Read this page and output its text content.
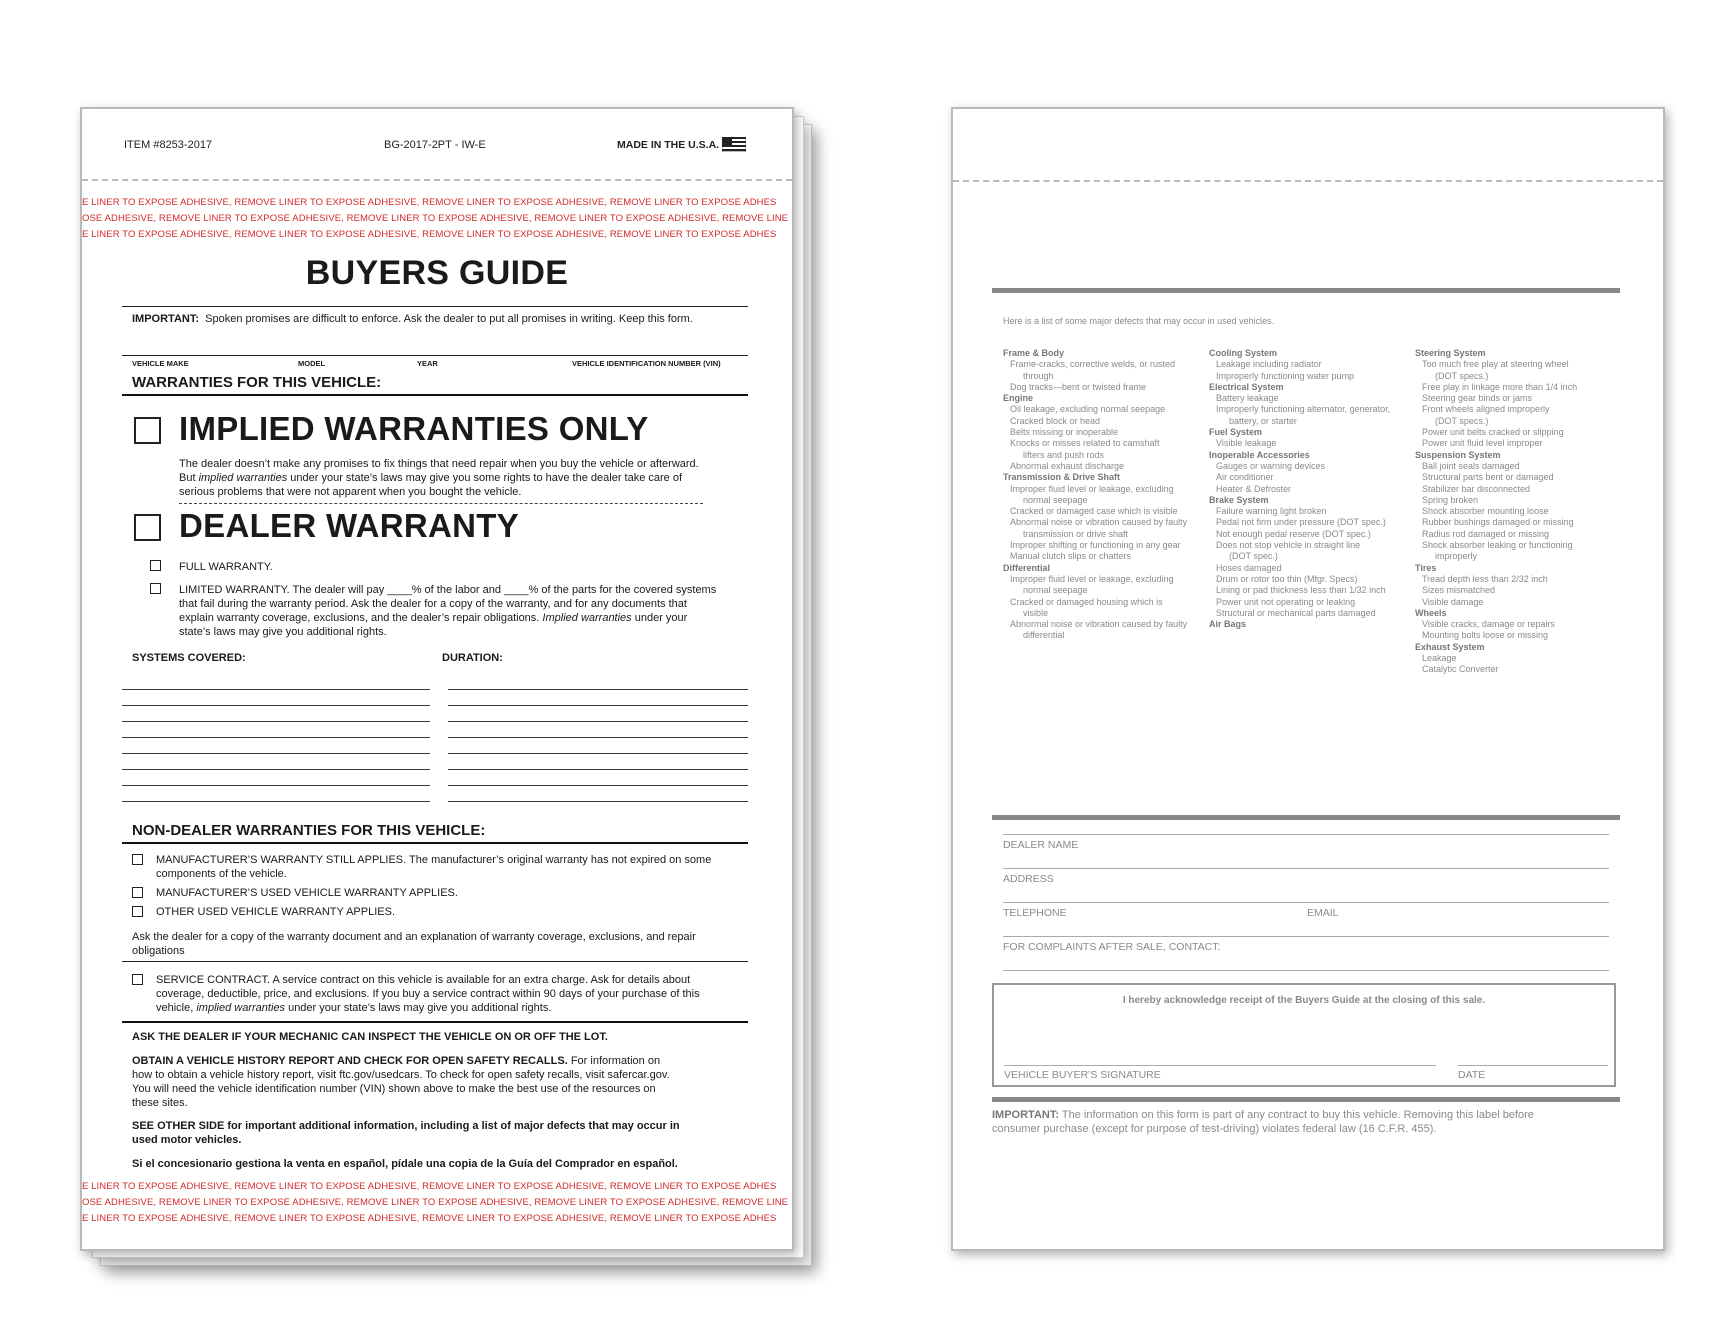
ITEM #8253-2017	BG-2017-2PT - IW-E	MADE IN THE U.S.A.
E LINER TO EXPOSE ADHESIVE, REMOVE LINER TO EXPOSE ADHESIVE, REMOVE LINER TO EXPOSE ADHESIVE, REMOVE LINER TO EXPOSE ADHES
OSE ADHESIVE, REMOVE LINER TO EXPOSE ADHESIVE, REMOVE LINER TO EXPOSE ADHESIVE, REMOVE LINER TO EXPOSE ADHESIVE, REMOVE LINE
E LINER TO EXPOSE ADHESIVE, REMOVE LINER TO EXPOSE ADHESIVE, REMOVE LINER TO EXPOSE ADHESIVE, REMOVE LINER TO EXPOSE ADHES
BUYERS GUIDE
IMPORTANT: Spoken promises are difficult to enforce. Ask the dealer to put all promises in writing. Keep this form.
VEHICLE MAKE	MODEL	YEAR	VEHICLE IDENTIFICATION NUMBER (VIN)
WARRANTIES FOR THIS VEHICLE:
IMPLIED WARRANTIES ONLY
The dealer doesn’t make any promises to fix things that need repair when you buy the vehicle or afterward.
But implied warranties under your state’s laws may give you some rights to have the dealer take care of
serious problems that were not apparent when you bought the vehicle.
DEALER WARRANTY
FULL WARRANTY.
LIMITED WARRANTY. The dealer will pay ____% of the labor and ____% of the parts for the covered systems
that fail during the warranty period. Ask the dealer for a copy of the warranty, and for any documents that
explain warranty coverage, exclusions, and the dealer’s repair obligations. Implied warranties under your
state’s laws may give you additional rights.
SYSTEMS COVERED:	DURATION:
NON-DEALER WARRANTIES FOR THIS VEHICLE:
MANUFACTURER’S WARRANTY STILL APPLIES. The manufacturer’s original warranty has not expired on some
components of the vehicle.
MANUFACTURER’S USED VEHICLE WARRANTY APPLIES.
OTHER USED VEHICLE WARRANTY APPLIES.
Ask the dealer for a copy of the warranty document and an explanation of warranty coverage, exclusions, and repair
obligations
SERVICE CONTRACT. A service contract on this vehicle is available for an extra charge. Ask for details about
coverage, deductible, price, and exclusions. If you buy a service contract within 90 days of your purchase of this
vehicle, implied warranties under your state’s laws may give you additional rights.
ASK THE DEALER IF YOUR MECHANIC CAN INSPECT THE VEHICLE ON OR OFF THE LOT.
OBTAIN A VEHICLE HISTORY REPORT AND CHECK FOR OPEN SAFETY RECALLS. For information on
how to obtain a vehicle history report, visit ftc.gov/usedcars. To check for open safety recalls, visit safercar.gov.
You will need the vehicle identification number (VIN) shown above to make the best use of the resources on
these sites.
SEE OTHER SIDE for important additional information, including a list of major defects that may occur in
used motor vehicles.
Si el concesionario gestiona la venta en español, pídale una copia de la Guía del Comprador en español.
E LINER TO EXPOSE ADHESIVE, REMOVE LINER TO EXPOSE ADHESIVE, REMOVE LINER TO EXPOSE ADHESIVE, REMOVE LINER TO EXPOSE ADHES
OSE ADHESIVE, REMOVE LINER TO EXPOSE ADHESIVE, REMOVE LINER TO EXPOSE ADHESIVE, REMOVE LINER TO EXPOSE ADHESIVE, REMOVE LINE
E LINER TO EXPOSE ADHESIVE, REMOVE LINER TO EXPOSE ADHESIVE, REMOVE LINER TO EXPOSE ADHESIVE, REMOVE LINER TO EXPOSE ADHES
Here is a list of some major defects that may occur in used vehicles.
Frame & Body
Frame-cracks, corrective welds, or rusted
through
Dog tracks—bent or twisted frame
Engine
Oil leakage, excluding normal seepage
Cracked block or head
Belts missing or inoperable
Knocks or misses related to camshaft
lifters and push rods
Abnormal exhaust discharge
Transmission & Drive Shaft
Improper fluid level or leakage, excluding
normal seepage
Cracked or damaged case which is visible
Abnormal noise or vibration caused by faulty
transmission or drive shaft
Improper shifting or functioning in any gear
Manual clutch slips or chatters
Differential
Improper fluid level or leakage, excluding
normal seepage
Cracked or damaged housing which is
visible
Abnormal noise or vibration caused by faulty
differential
Cooling System
Leakage including radiator
Improperly functioning water pump
Electrical System
Battery leakage
Improperly functioning alternator, generator,
battery, or starter
Fuel System
Visible leakage
Inoperable Accessories
Gauges or warning devices
Air conditioner
Heater & Defroster
Brake System
Failure warning light broken
Pedal not firm under pressure (DOT spec.)
Not enough pedal reserve (DOT spec.)
Does not stop vehicle in straight line
(DOT spec.)
Hoses damaged
Drum or rotor too thin (Mfgr. Specs)
Lining or pad thickness less than 1/32 inch
Power unit not operating or leaking
Structural or mechanical parts damaged
Air Bags
Steering System
Too much free play at steering wheel
(DOT specs.)
Free play in linkage more than 1/4 inch
Steering gear binds or jams
Front wheels aligned improperly
(DOT specs.)
Power unit belts cracked or slipping
Power unit fluid level improper
Suspension System
Ball joint seals damaged
Structural parts bent or damaged
Stabilizer bar disconnected
Spring broken
Shock absorber mounting loose
Rubber bushings damaged or missing
Radius rod damaged or missing
Shock absorber leaking or functioning
improperly
Tires
Tread depth less than 2/32 inch
Sizes mismatched
Visible damage
Wheels
Visible cracks, damage or repairs
Mounting bolts loose or missing
Exhaust System
Leakage
Catalytic Converter
DEALER NAME
ADDRESS
TELEPHONE	EMAIL
FOR COMPLAINTS AFTER SALE, CONTACT:
I hereby acknowledge receipt of the Buyers Guide at the closing of this sale.
VEHICLE BUYER’S SIGNATURE	DATE
IMPORTANT: The information on this form is part of any contract to buy this vehicle. Removing this label before
consumer purchase (except for purpose of test-driving) violates federal law (16 C.F.R. 455).
